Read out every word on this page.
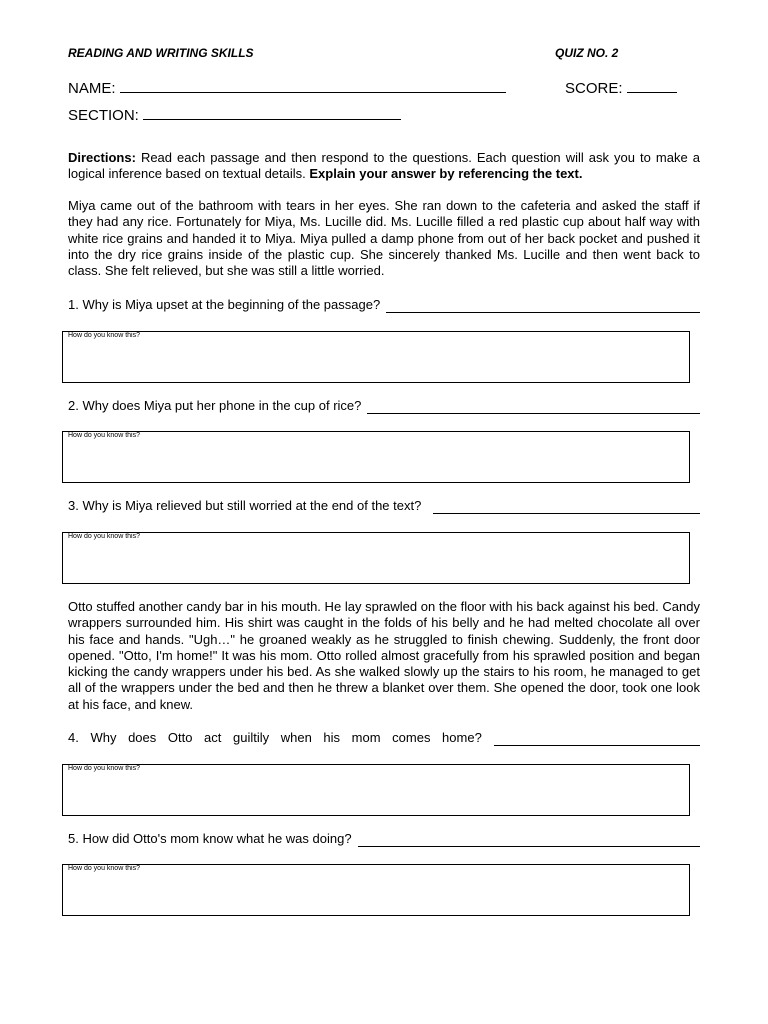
READING AND WRITING SKILLS	QUIZ NO. 2
NAME:	SCORE:
SECTION:
Directions: Read each passage and then respond to the questions. Each question will ask you to make a logical inference based on textual details. Explain your answer by referencing the text.
Miya came out of the bathroom with tears in her eyes. She ran down to the cafeteria and asked the staff if they had any rice. Fortunately for Miya, Ms. Lucille did. Ms. Lucille filled a red plastic cup about half way with white rice grains and handed it to Miya. Miya pulled a damp phone from out of her back pocket and pushed it into the dry rice grains inside of the plastic cup. She sincerely thanked Ms. Lucille and then went back to class. She felt relieved, but she was still a little worried.
1. Why is Miya upset at the beginning of the passage?
How do you know this?
2. Why does Miya put her phone in the cup of rice?
How do you know this?
3. Why is Miya relieved but still worried at the end of the text?
How do you know this?
Otto stuffed another candy bar in his mouth. He lay sprawled on the floor with his back against his bed. Candy wrappers surrounded him. His shirt was caught in the folds of his belly and he had melted chocolate all over his face and hands. "Ugh…" he groaned weakly as he struggled to finish chewing. Suddenly, the front door opened. "Otto, I'm home!" It was his mom. Otto rolled almost gracefully from his sprawled position and began kicking the candy wrappers under his bed. As she walked slowly up the stairs to his room, he managed to get all of the wrappers under the bed and then he threw a blanket over them. She opened the door, took one look at his face, and knew.
4. Why does Otto act guiltily when his mom comes home?
How do you know this?
5. How did Otto's mom know what he was doing?
How do you know this?
